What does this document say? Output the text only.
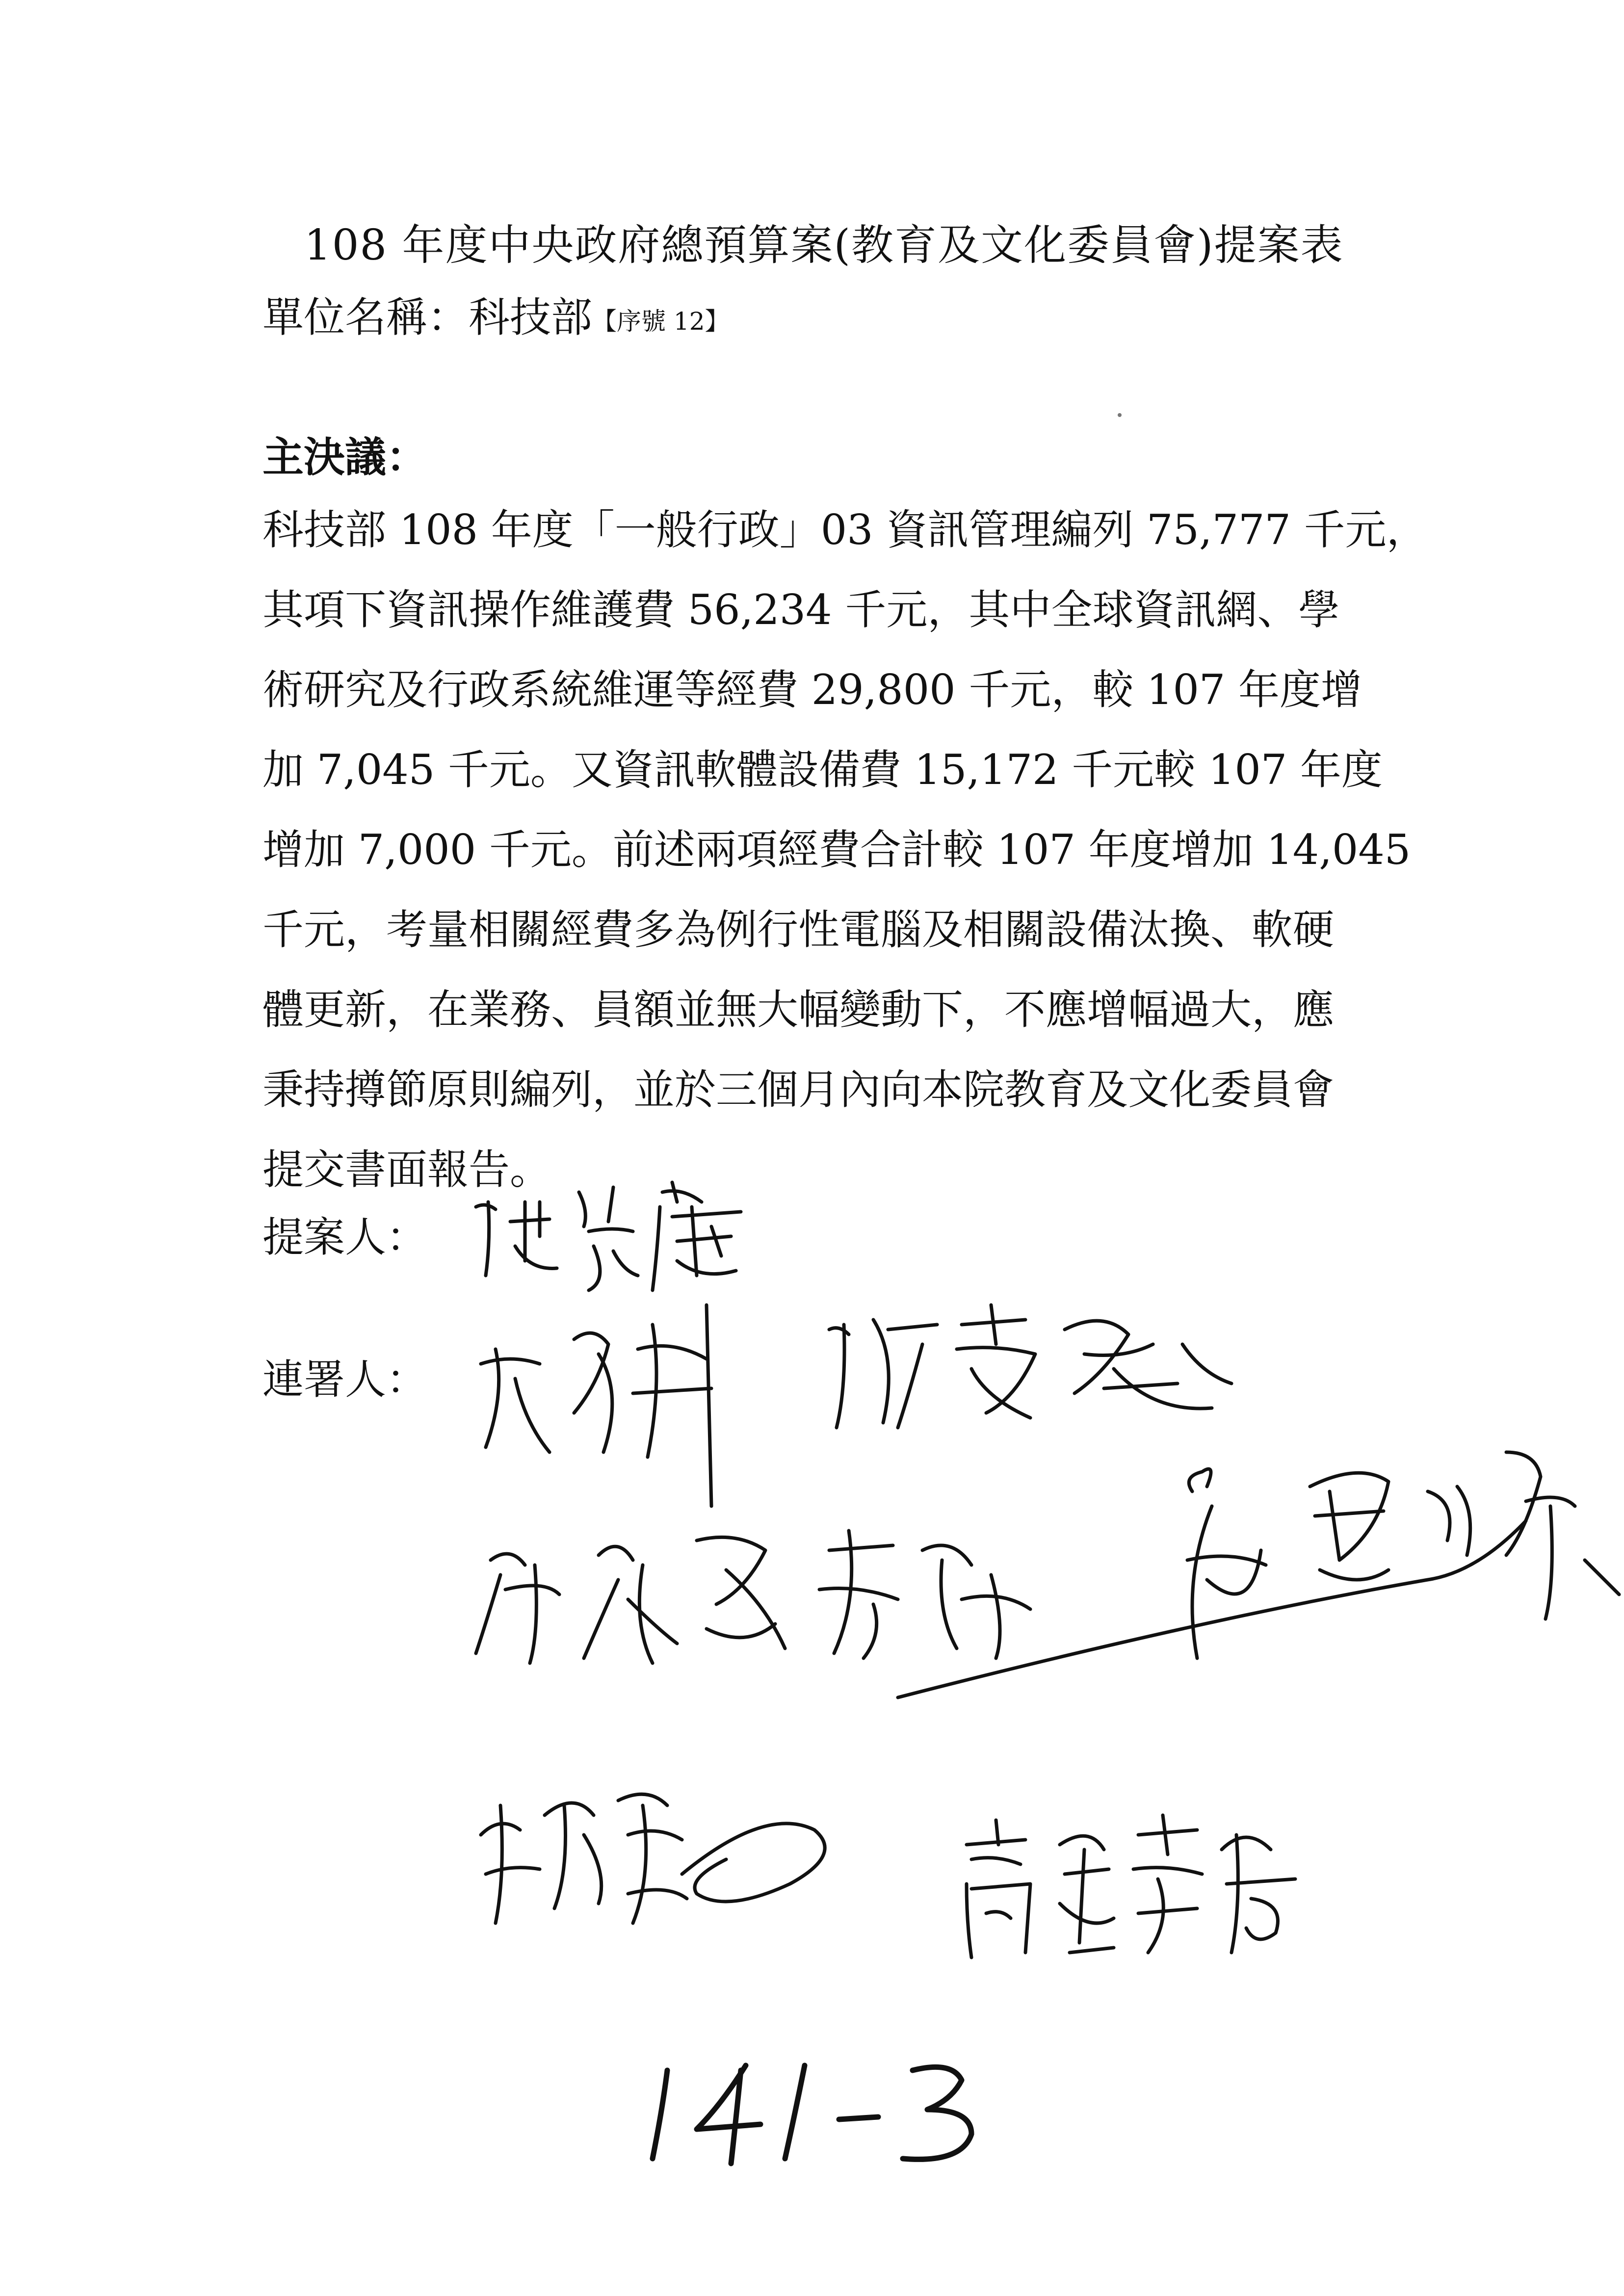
108 年度中央政府總預算案(教育及文化委員會)提案表
單位名稱：科技部【序號 12】
主決議：
科技部 108 年度「一般行政」03 資訊管理編列 75,777 千元，
其項下資訊操作維護費 56,234 千元，其中全球資訊網、學
術研究及行政系統維運等經費 29,800 千元，較 107 年度增
加 7,045 千元。又資訊軟體設備費 15,172 千元較 107 年度
增加 7,000 千元。前述兩項經費合計較 107 年度增加 14,045
千元，考量相關經費多為例行性電腦及相關設備汰換、軟硬
體更新，在業務、員額並無大幅變動下，不應增幅過大，應
秉持撙節原則編列，並於三個月內向本院教育及文化委員會
提交書面報告。
提案人：
連署人：
